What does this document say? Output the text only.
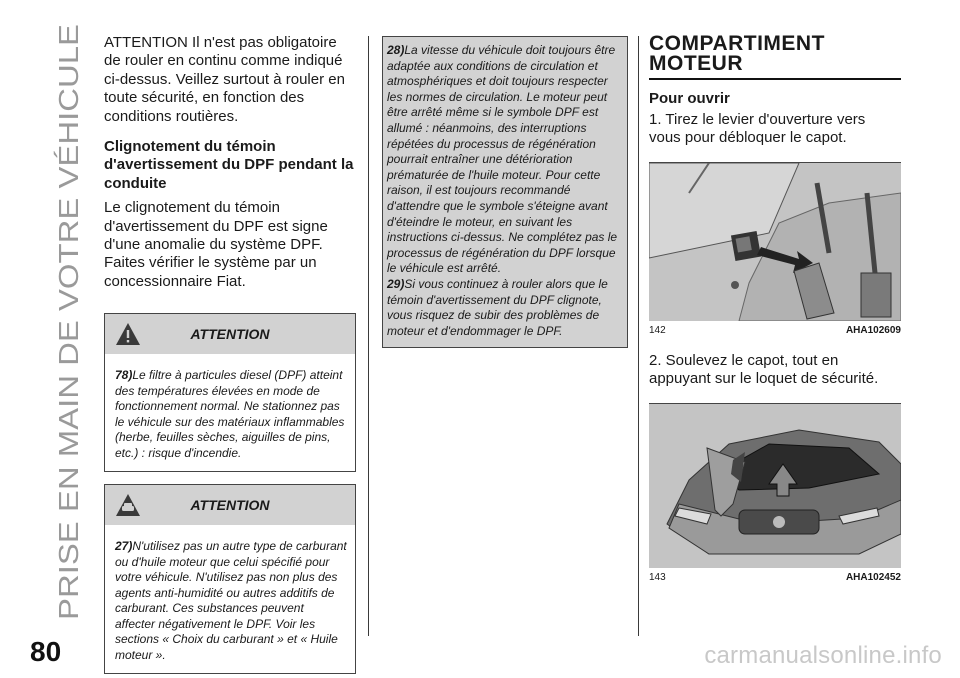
PRISE EN MAIN DE VOTRE VÉHICULE
80

ATTENTION Il n'est pas obligatoire de rouler en continu comme indiqué ci-dessus. Veillez surtout à rouler en toute sécurité, en fonction des conditions routières.

Clignotement du témoin d'avertissement du DPF pendant la conduite

Le clignotement du témoin d'avertissement du DPF est signe d'une anomalie du système DPF. Faites vérifier le système par un concessionnaire Fiat.

ATTENTION
78)Le filtre à particules diesel (DPF) atteint des températures élevées en mode de fonctionnement normal. Ne stationnez pas le véhicule sur des matériaux inflammables (herbe, feuilles sèches, aiguilles de pins, etc.) : risque d'incendie.
ATTENTION
27)N'utilisez pas un autre type de carburant ou d'huile moteur que celui spécifié pour votre véhicule. N'utilisez pas non plus des agents anti-humidité ou autres additifs de carburant. Ces substances peuvent affecter négativement le DPF. Voir les sections « Choix du carburant » et « Huile moteur ».
28)La vitesse du véhicule doit toujours être adaptée aux conditions de circulation et atmosphériques et doit toujours respecter les normes de circulation. Le moteur peut être arrêté même si le symbole DPF est allumé : néanmoins, des interruptions répétées du processus de régénération pourrait entraîner une détérioration prématurée de l'huile moteur. Pour cette raison, il est toujours recommandé d'attendre que le symbole s'éteigne avant d'éteindre le moteur, en suivant les instructions ci-dessus. Ne complétez pas le processus de régénération du DPF lorsque le véhicule est arrêté.
29)Si vous continuez à rouler alors que le témoin d'avertissement du DPF clignote, vous risquez de subir des problèmes de moteur et d'endommager le DPF.
COMPARTIMENT MOTEUR
Pour ouvrir

1. Tirez le levier d'ouverture vers vous pour débloquer le capot.

142	AHA102609

2. Soulevez le capot, tout en appuyant sur le loquet de sécurité.

143	AHA102452
carmanualsonline.info
